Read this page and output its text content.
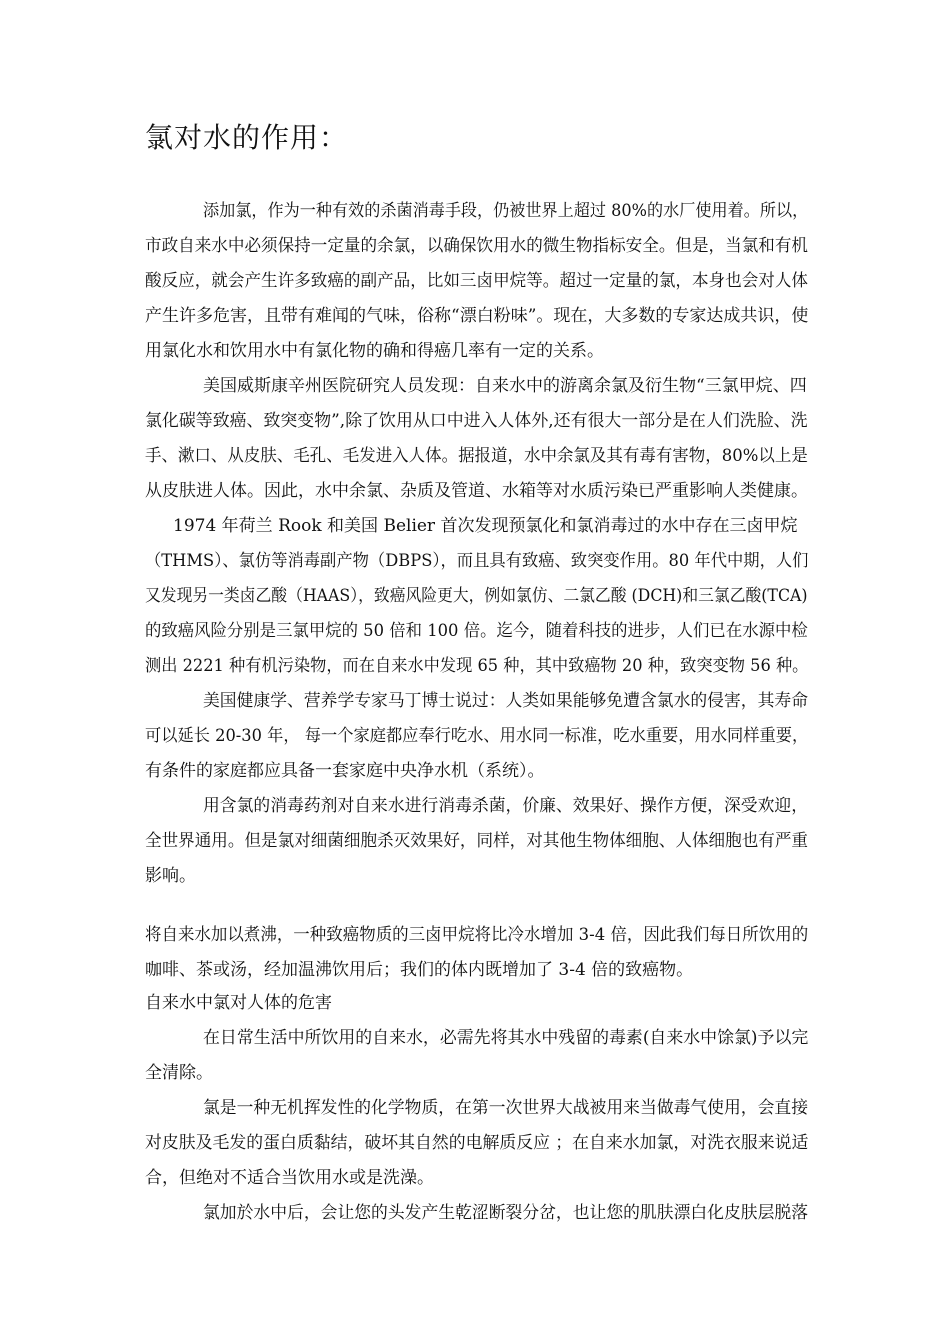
氯对水的作用：
添加氯，作为一种有效的杀菌消毒手段，仍被世界上超过 80%的水厂使用着。所以，
市政自来水中必须保持一定量的余氯，以确保饮用水的微生物指标安全。但是，当氯和有机
酸反应，就会产生许多致癌的副产品，比如三卤甲烷等。超过一定量的氯，本身也会对人体
产生许多危害，且带有难闻的气味，俗称“漂白粉味”。现在，大多数的专家达成共识，使
用氯化水和饮用水中有氯化物的确和得癌几率有一定的关系。
美国威斯康辛州医院研究人员发现：自来水中的游离余氯及衍生物“三氯甲烷、四
氯化碳等致癌、致突变物”,除了饮用从口中进入人体外,还有很大一部分是在人们洗脸、洗
手、漱口、从皮肤、毛孔、毛发进入人体。据报道，水中余氯及其有毒有害物，80%以上是
从皮肤进人体。因此，水中余氯、杂质及管道、水箱等对水质污染已严重影响人类健康。
1974 年荷兰 Rook 和美国 Belier 首次发现预氯化和氯消毒过的水中存在三卤甲烷
（THMS）、氯仿等消毒副产物（DBPS），而且具有致癌、致突变作用。80 年代中期，人们
又发现另一类卤乙酸（HAAS），致癌风险更大，例如氯仿、二氯乙酸 (DCH)和三氯乙酸(TCA)
的致癌风险分别是三氯甲烷的 50 倍和 100 倍。迄今，随着科技的进步，人们已在水源中检
测出 2221 种有机污染物，而在自来水中发现 65 种，其中致癌物 20 种，致突变物 56 种。
美国健康学、营养学专家马丁博士说过：人类如果能够免遭含氯水的侵害，其寿命
可以延长 20-30 年， 每一个家庭都应奉行吃水、用水同一标准，吃水重要，用水同样重要，
有条件的家庭都应具备一套家庭中央净水机（系统）。
用含氯的消毒药剂对自来水进行消毒杀菌，价廉、效果好、操作方便，深受欢迎，
全世界通用。但是氯对细菌细胞杀灭效果好，同样，对其他生物体细胞、人体细胞也有严重
影响。
将自来水加以煮沸，一种致癌物质的三卤甲烷将比冷水增加 3-4 倍，因此我们每日所饮用的
咖啡、茶或汤，经加温沸饮用后；我们的体内既增加了 3-4 倍的致癌物。
自来水中氯对人体的危害
在日常生活中所饮用的自来水，必需先将其水中残留的毒素(自来水中馀氯)予以完
全清除。
氯是一种无机挥发性的化学物质，在第一次世界大战被用来当做毒气使用，会直接
对皮肤及毛发的蛋白质黏结，破坏其自然的电解质反应 ；在自来水加氯，对洗衣服来说适
合，但绝对不适合当饮用水或是洗澡。
氯加於水中后，会让您的头发产生乾涩断裂分岔，也让您的肌肤漂白化皮肤层脱落
